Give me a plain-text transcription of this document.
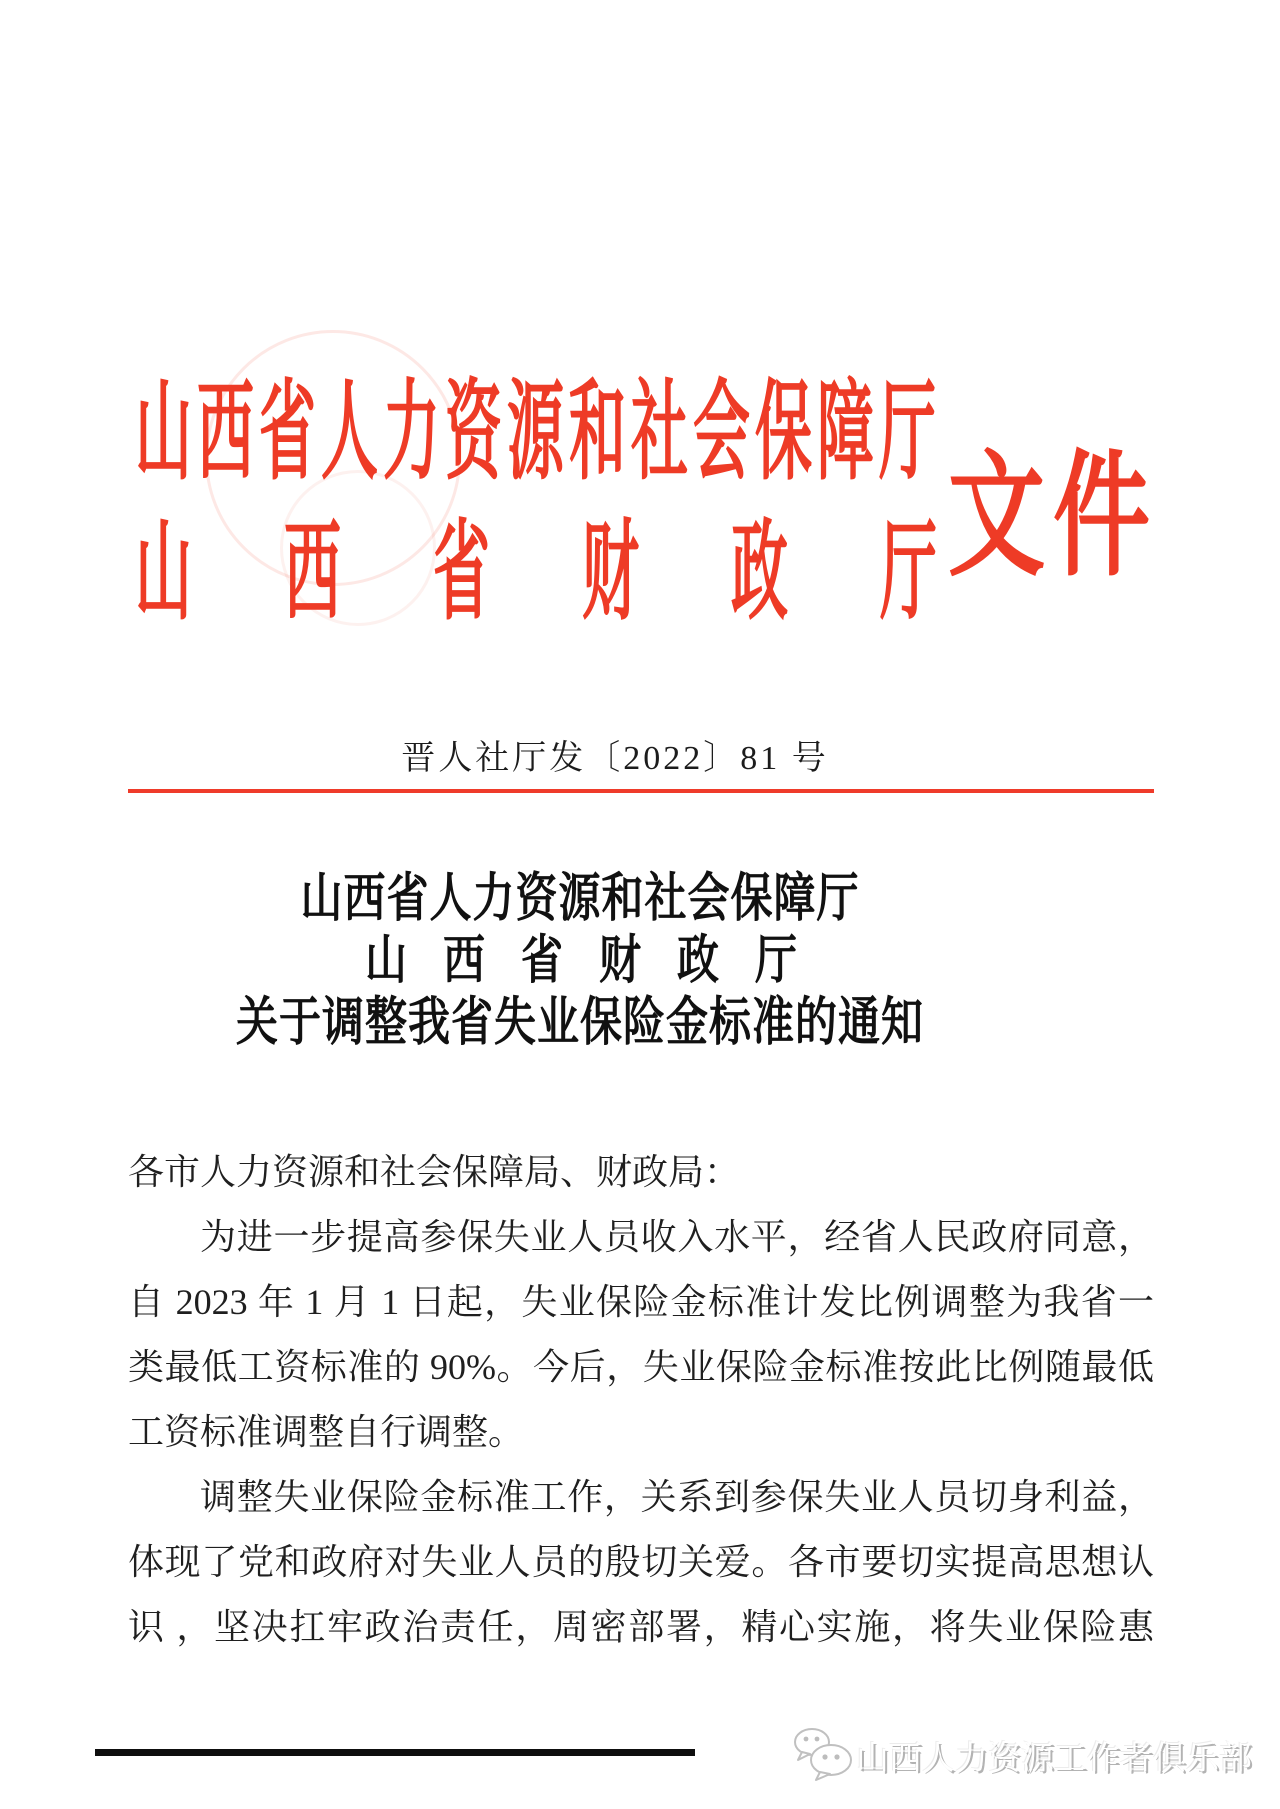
山西省人力资源和社会保障厅
山西省财政厅
文件
晋人社厅发〔2022〕81 号
山西省人力资源和社会保障厅
山西省财政厅
关于调整我省失业保险金标准的通知
各市人力资源和社会保障局、财政局：
为进一步提高参保失业人员收入水平，经省人民政府同意，
自 2023 年 1 月 1 日起，失业保险金标准计发比例调整为我省一
类最低工资标准的 90%。今后，失业保险金标准按此比例随最低
工资标准调整自行调整。
调整失业保险金标准工作，关系到参保失业人员切身利益，
体现了党和政府对失业人员的殷切关爱。各市要切实提高思想认
识 ，坚决扛牢政治责任，周密部署，精心实施，将失业保险惠
山西人力资源工作者俱乐部
